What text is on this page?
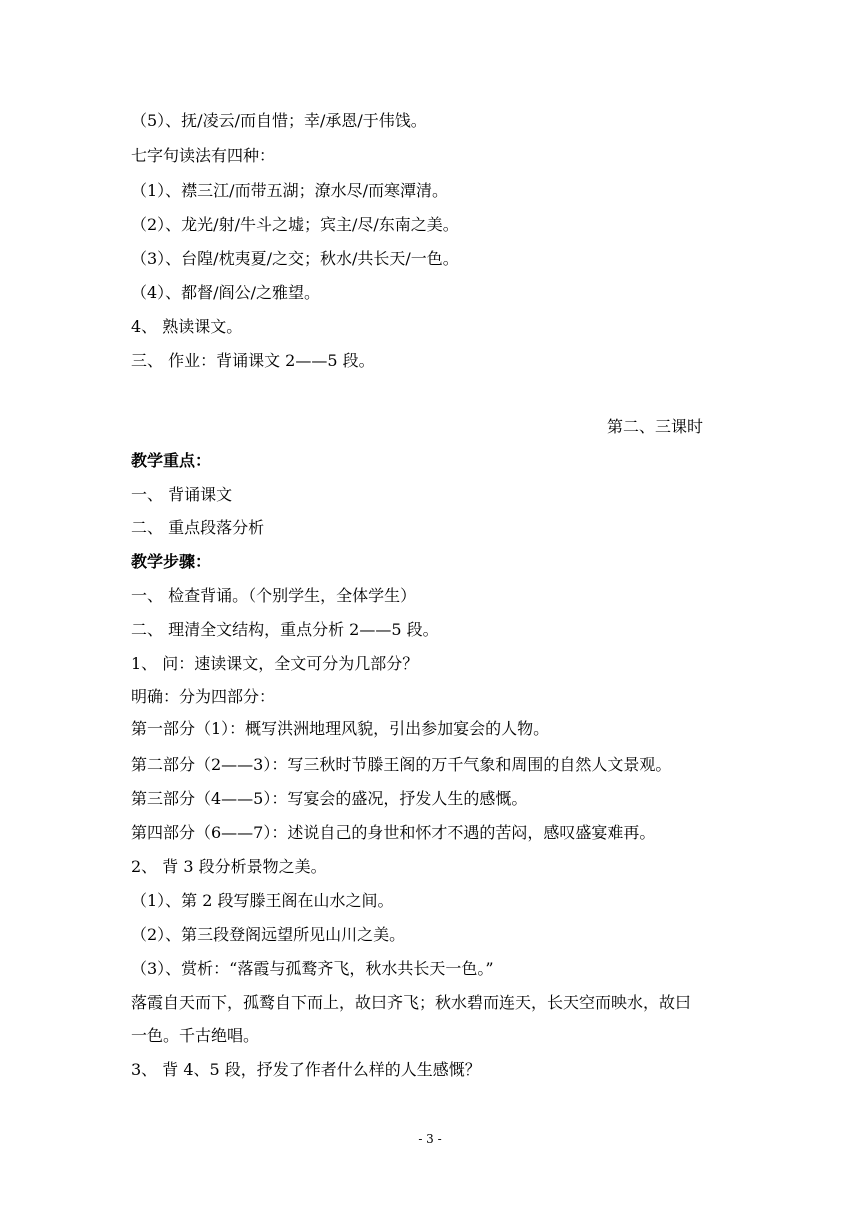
（5）、抚/凌云/而自惜；幸/承恩/于伟饯。
七字句读法有四种：
（1）、襟三江/而带五湖；潦水尽/而寒潭清。
（2）、龙光/射/牛斗之墟；宾主/尽/东南之美。
（3）、台隍/枕夷夏/之交；秋水/共长天/一色。
（4）、都督/阎公/之雅望。
4、 熟读课文。
三、 作业：背诵课文 2——5 段。
第二、三课时
教学重点：
一、 背诵课文
二、 重点段落分析
教学步骤：
一、 检查背诵。（个别学生，全体学生）
二、 理清全文结构，重点分析 2——5 段。
1、 问：速读课文，全文可分为几部分？
明确：分为四部分：
第一部分（1）：概写洪洲地理风貌，引出参加宴会的人物。
第二部分（2——3）：写三秋时节滕王阁的万千气象和周围的自然人文景观。
第三部分（4——5）：写宴会的盛况，抒发人生的感慨。
第四部分（6——7）：述说自己的身世和怀才不遇的苦闷，感叹盛宴难再。
2、 背 3 段分析景物之美。
（1）、第 2 段写滕王阁在山水之间。
（2）、第三段登阁远望所见山川之美。
（3）、赏析：“落霞与孤鹜齐飞，秋水共长天一色。”
落霞自天而下，孤鹜自下而上，故曰齐飞；秋水碧而连天，长天空而映水，故曰
一色。千古绝唱。
3、 背 4、5 段，抒发了作者什么样的人生感慨？
- 3 -
